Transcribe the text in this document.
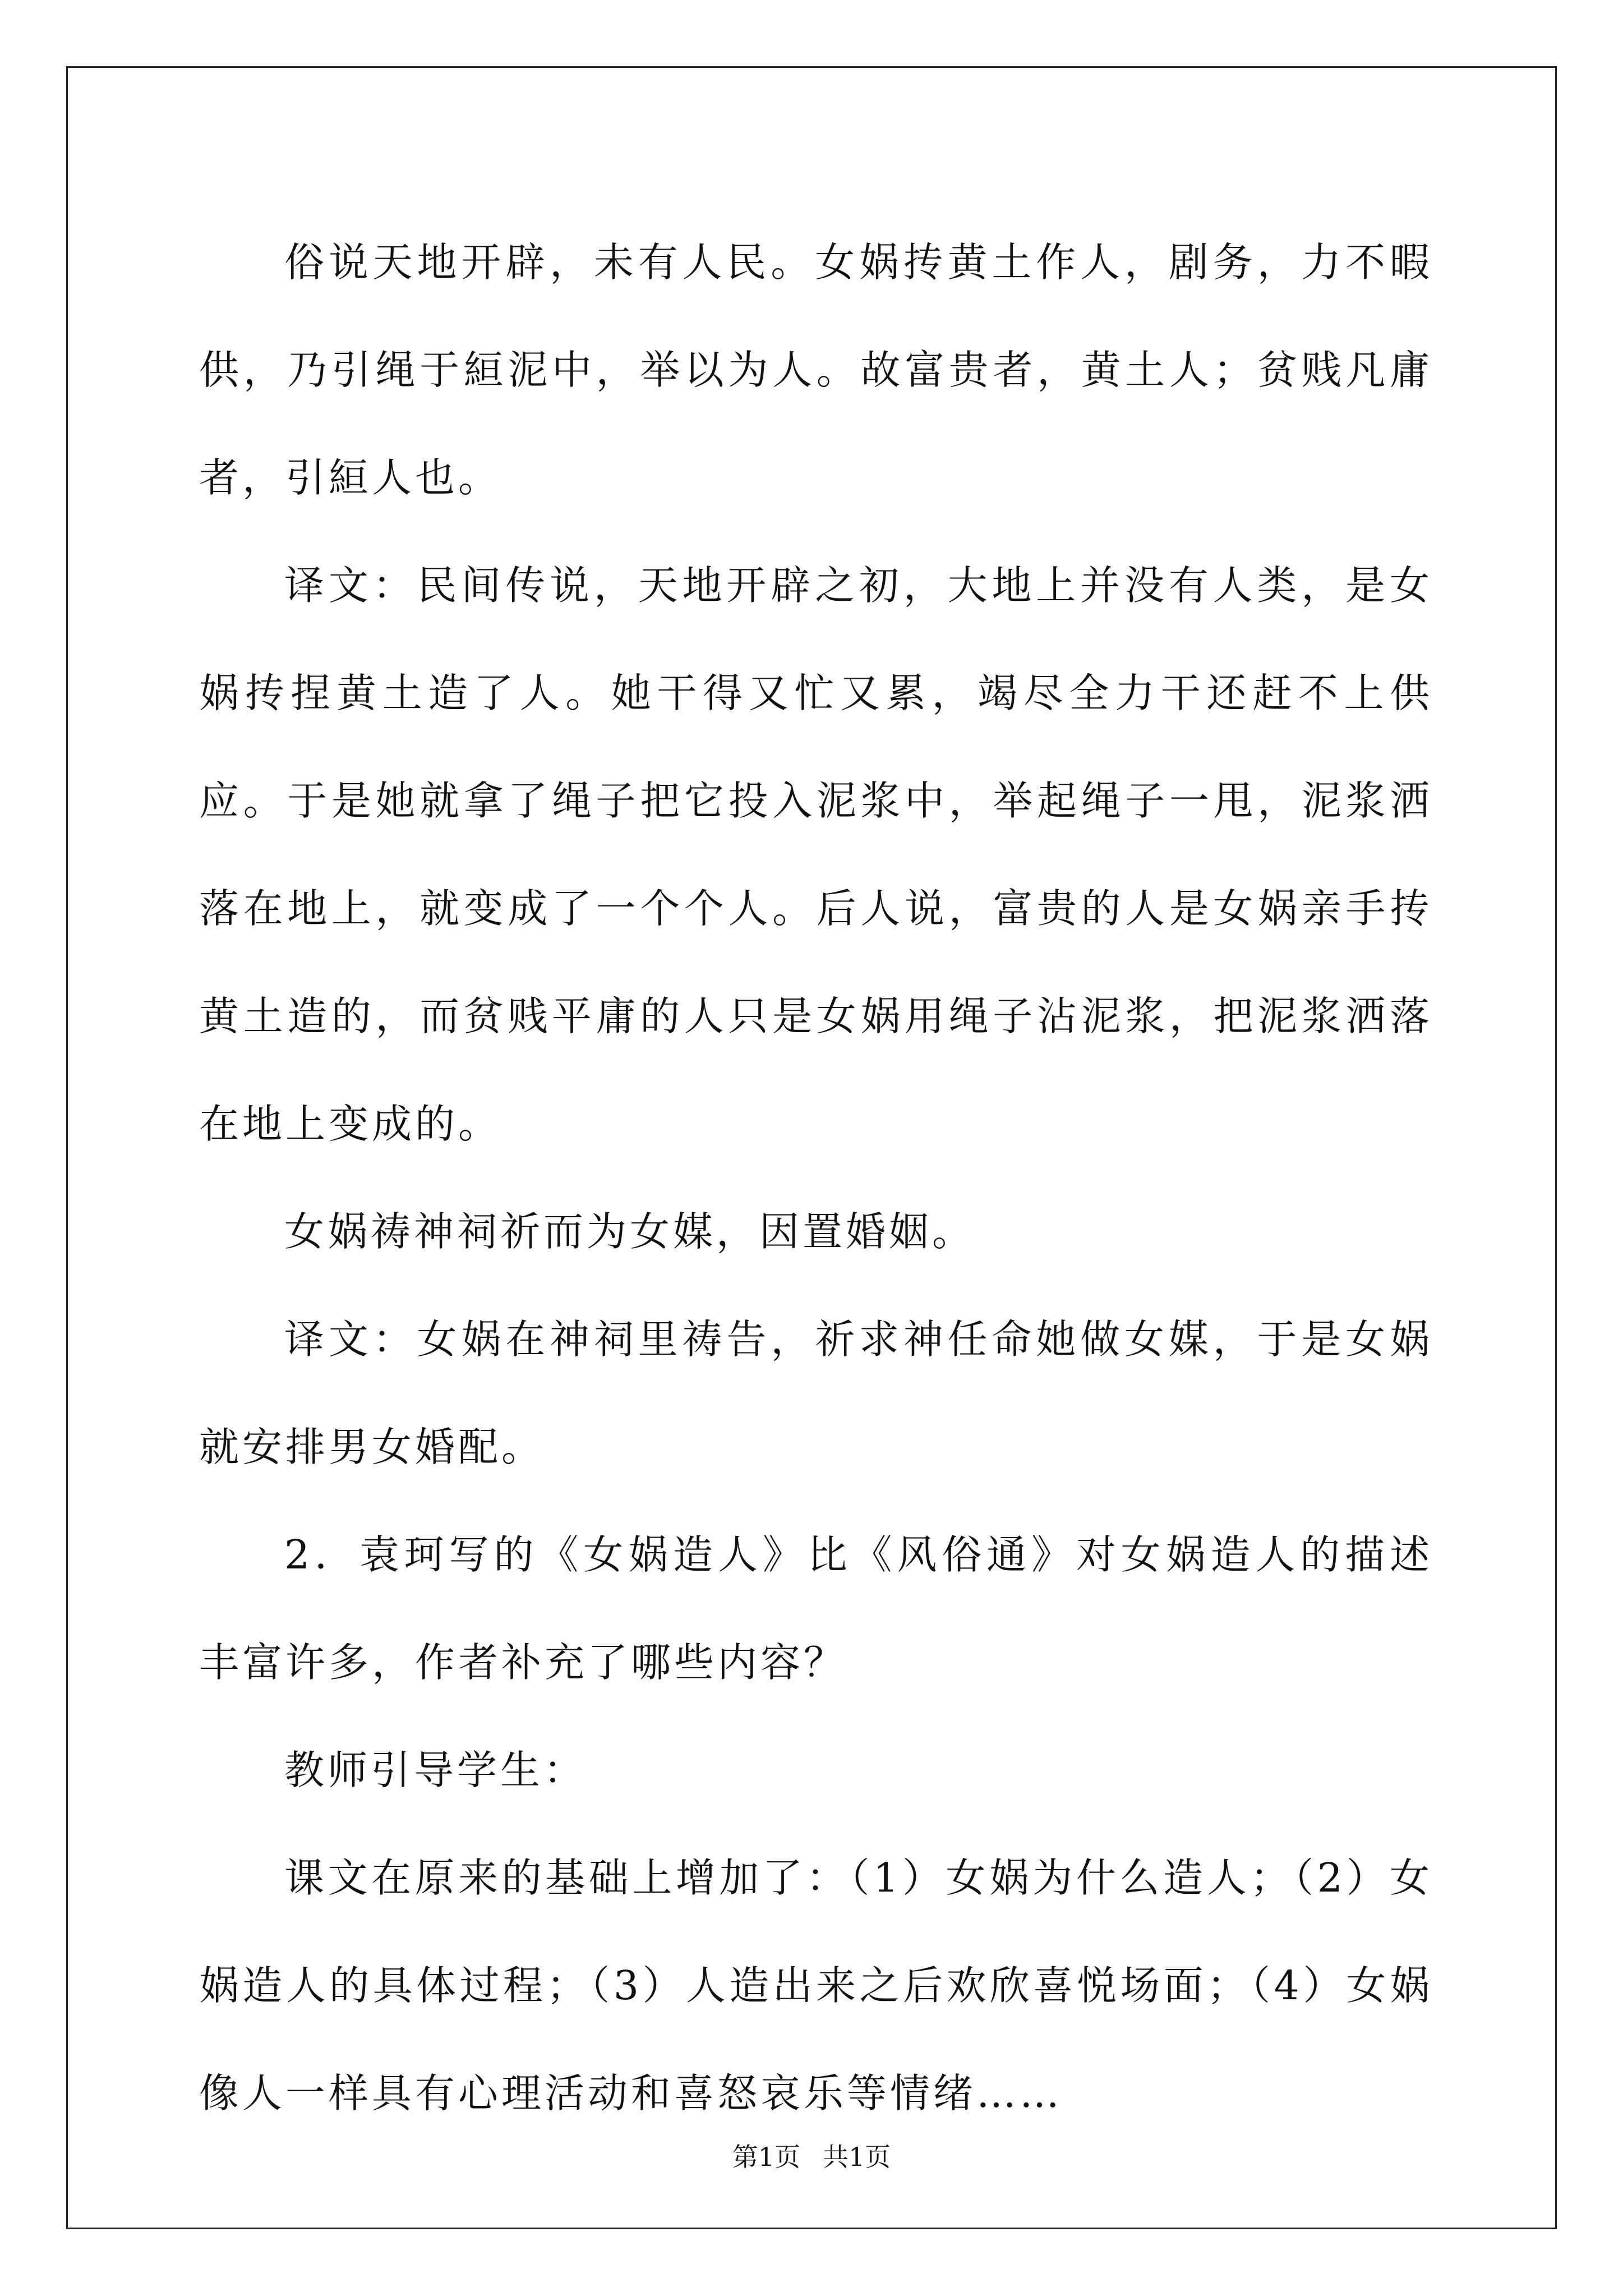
俗说天地开辟，未有人民。女娲抟黄土作人，剧务，力不暇供，乃引绳于絙泥中，举以为人。故富贵者，黄土人；贫贱凡庸者，引絙人也。

译文：民间传说，天地开辟之初，大地上并没有人类，是女娲抟捏黄土造了人。她干得又忙又累，竭尽全力干还赶不上供应。于是她就拿了绳子把它投入泥浆中，举起绳子一甩，泥浆洒落在地上，就变成了一个个人。后人说，富贵的人是女娲亲手抟黄土造的，而贫贱平庸的人只是女娲用绳子沾泥浆，把泥浆洒落在地上变成的。

女娲祷神祠祈而为女媒，因置婚姻。

译文：女娲在神祠里祷告，祈求神任命她做女媒，于是女娲就安排男女婚配。

2．袁珂写的《女娲造人》比《风俗通》对女娲造人的描述丰富许多，作者补充了哪些内容？

教师引导学生：

课文在原来的基础上增加了：（1）女娲为什么造人；（2）女娲造人的具体过程；（3）人造出来之后欢欣喜悦场面；（4）女娲像人一样具有心理活动和喜怒哀乐等情绪……

第1页 共1页
